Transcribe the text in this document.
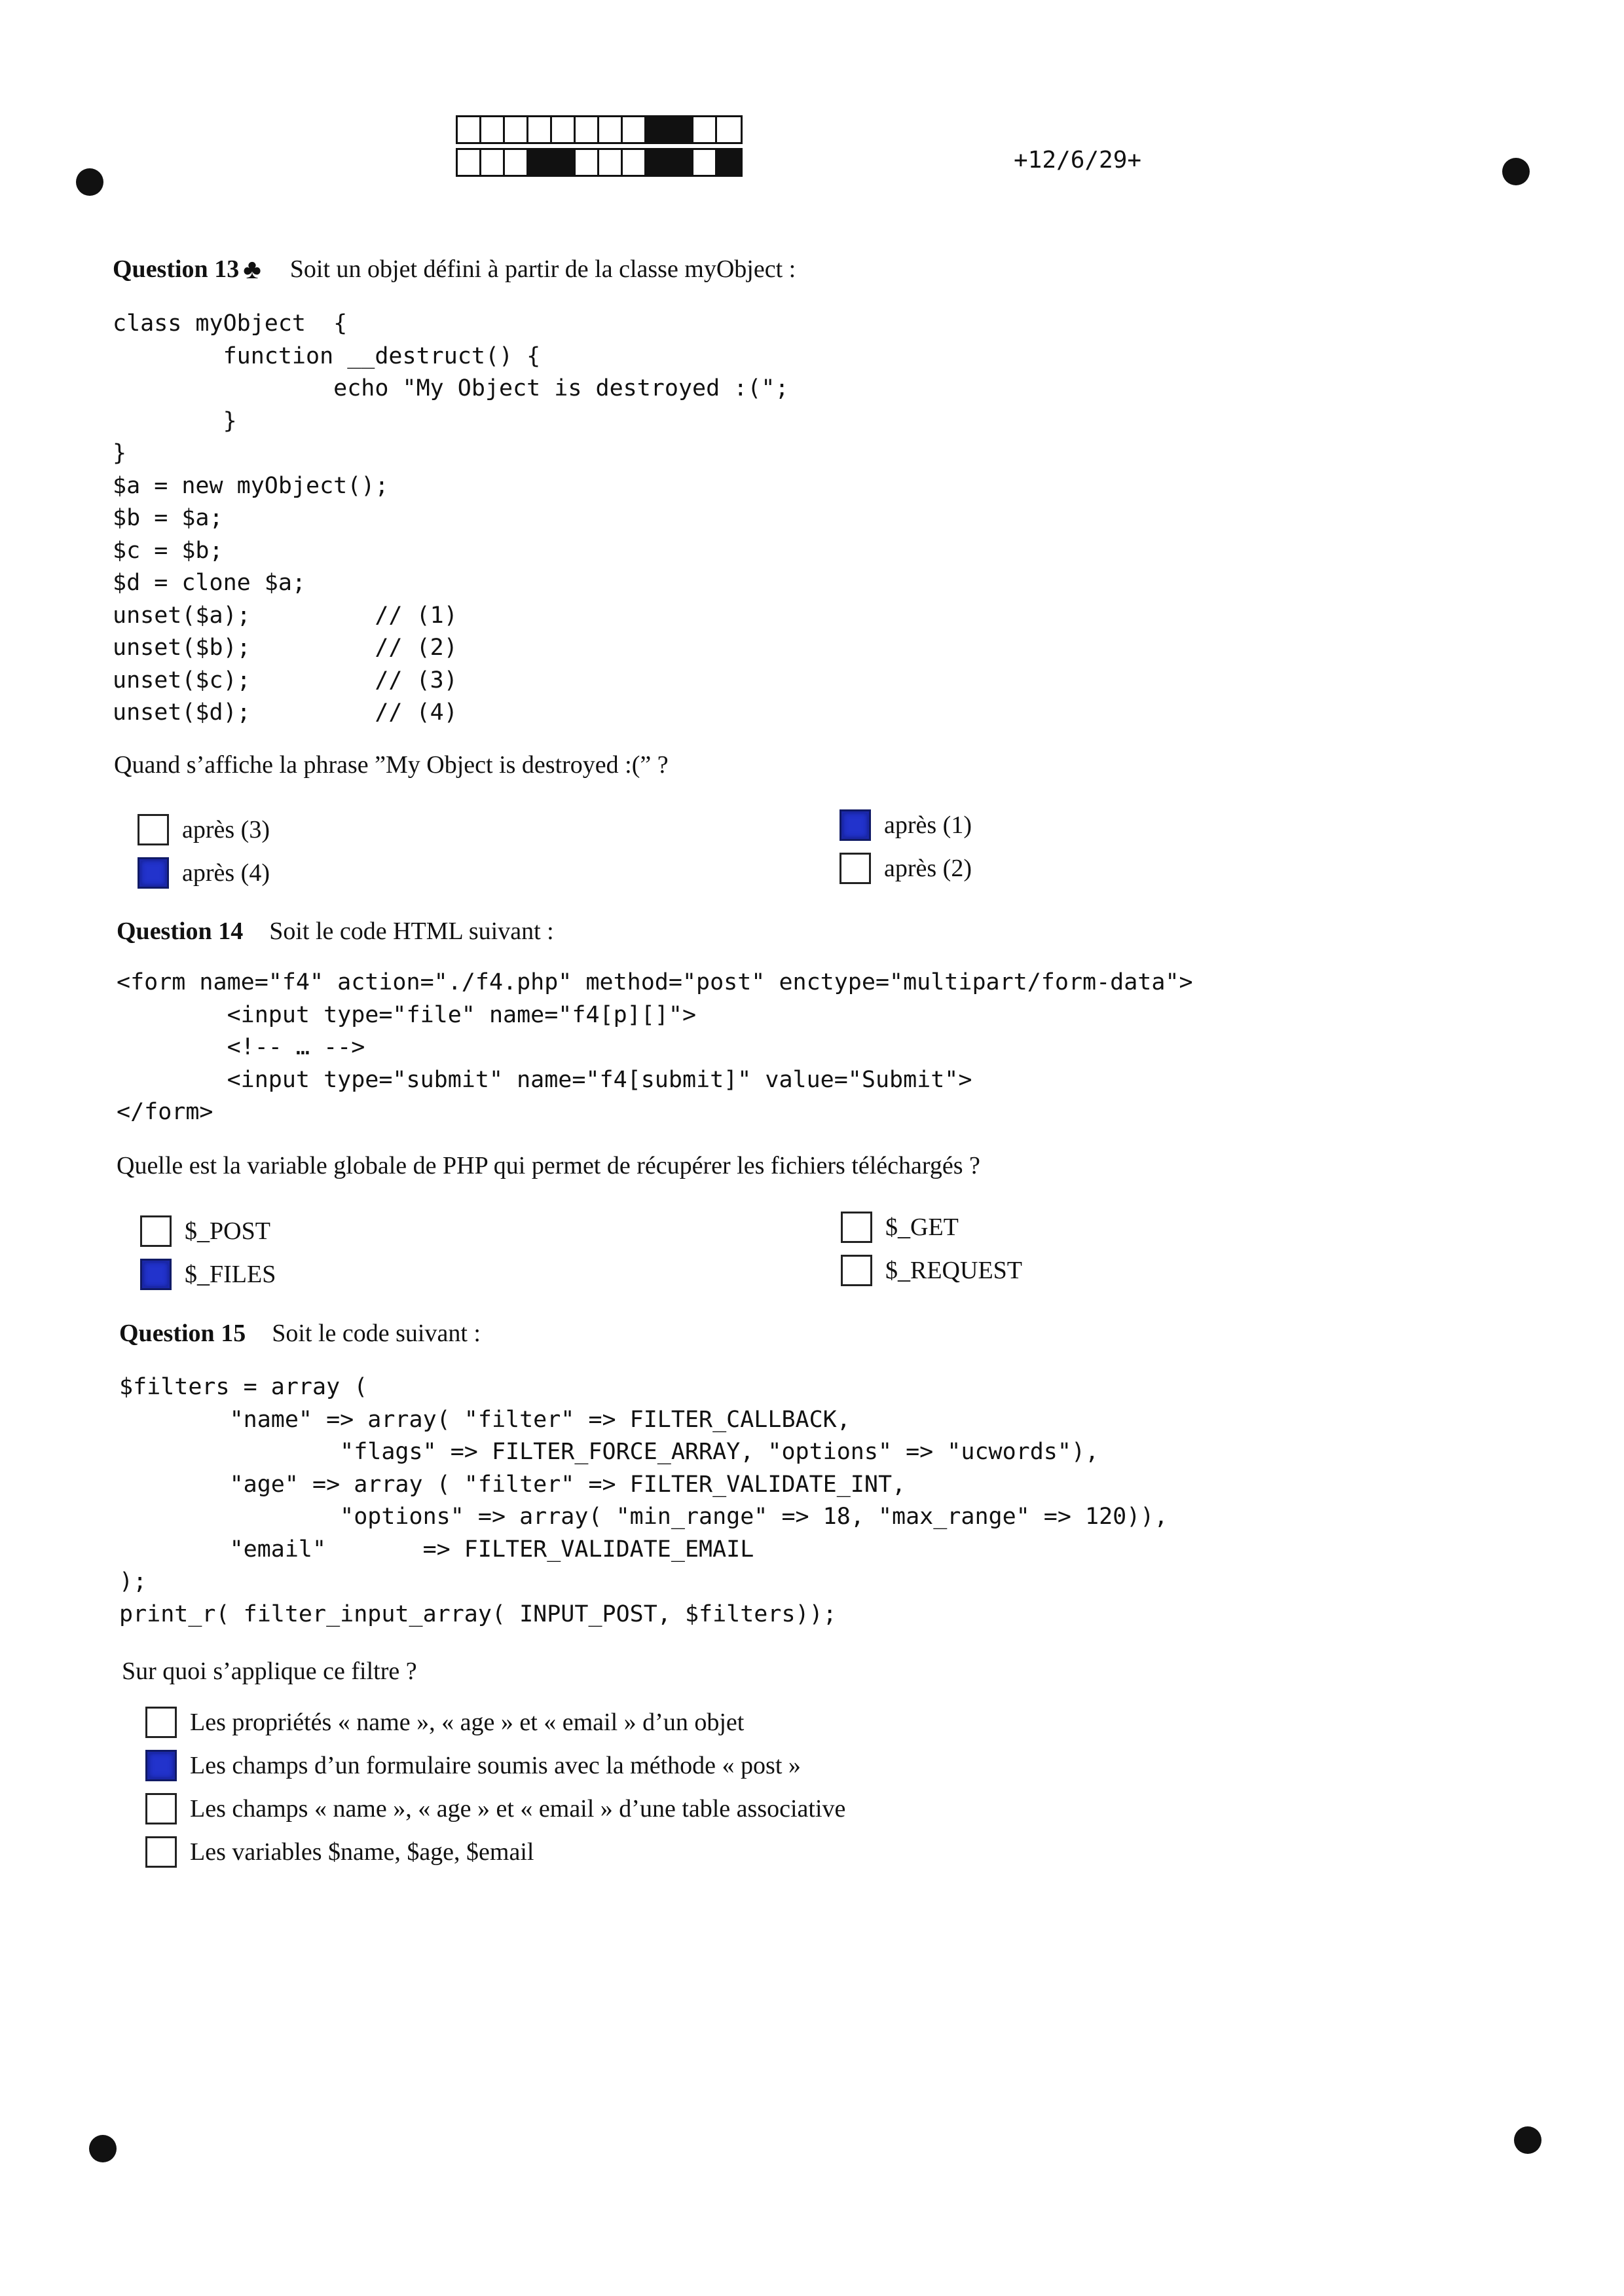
+12/6/29+
Question 13 ♣ Soit un objet défini à partir de la classe myObject :
class myObject  {
function __destruct() {
echo "My Object is destroyed :(";
}
}
$a = new myObject();
$b = $a;
$c = $b;
$d = clone $a;
unset($a);         // (1)
unset($b);         // (2)
unset($c);         // (3)
unset($d);         // (4)
Quand s’affiche la phrase ”My Object is destroyed :(” ?
après (3)
après (4)
après (1)
après (2)
Question 14 Soit le code HTML suivant :
<form name="f4" action="./f4.php" method="post" enctype="multipart/form-data">
<input type="file" name="f4[p][]">
<!-- … -->
<input type="submit" name="f4[submit]" value="Submit">
</form>
Quelle est la variable globale de PHP qui permet de récupérer les fichiers téléchargés ?
$_POST
$_FILES
$_GET
$_REQUEST
Question 15 Soit le code suivant :
$filters = array (
"name" => array( "filter" => FILTER_CALLBACK,
"flags" => FILTER_FORCE_ARRAY, "options" => "ucwords"),
"age" => array ( "filter" => FILTER_VALIDATE_INT,
"options" => array( "min_range" => 18, "max_range" => 120)),
"email"       => FILTER_VALIDATE_EMAIL
);
print_r( filter_input_array( INPUT_POST, $filters));
Sur quoi s’applique ce filtre ?
Les propriétés « name », « age » et « email » d’un objet
Les champs d’un formulaire soumis avec la méthode « post »
Les champs « name », « age » et « email » d’une table associative
Les variables $name, $age, $email
